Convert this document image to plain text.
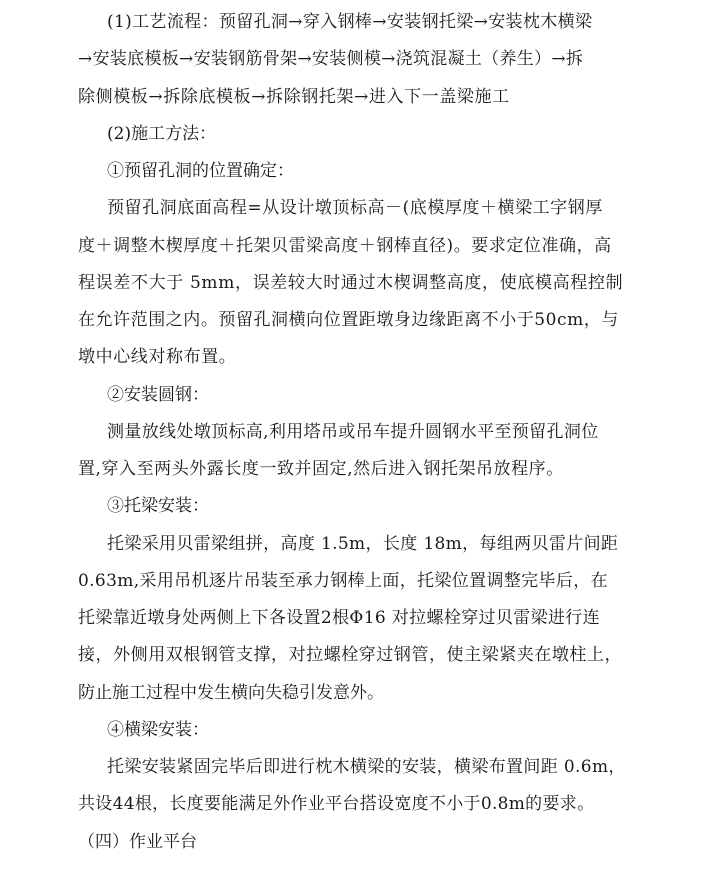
(1)工艺流程：预留孔洞→穿入钢棒→安装钢托梁→安装枕木横梁
→安装底模板→安装钢筋骨架→安装侧模→浇筑混凝土（养生）→拆
除侧模板→拆除底模板→拆除钢托架→进入下一盖梁施工
(2)施工方法：
①预留孔洞的位置确定：
预留孔洞底面高程=从设计墩顶标高－(底模厚度＋横梁工字钢厚
度＋调整木楔厚度＋托架贝雷梁高度＋钢棒直径)。要求定位准确，高
程误差不大于 5mm，误差较大时通过木楔调整高度，使底模高程控制
在允许范围之内。预留孔洞横向位置距墩身边缘距离不小于50cm，与
墩中心线对称布置。
②安装圆钢：
测量放线处墩顶标高,利用塔吊或吊车提升圆钢水平至预留孔洞位
置,穿入至两头外露长度一致并固定,然后进入钢托架吊放程序。
③托梁安装：
托梁采用贝雷梁组拼，高度 1.5m，长度 18m，每组两贝雷片间距
0.63m,采用吊机逐片吊装至承力钢棒上面，托梁位置调整完毕后，在
托梁靠近墩身处两侧上下各设置2根Φ16 对拉螺栓穿过贝雷梁进行连
接，外侧用双根钢管支撑，对拉螺栓穿过钢管，使主梁紧夹在墩柱上，
防止施工过程中发生横向失稳引发意外。
④横梁安装：
托梁安装紧固完毕后即进行枕木横梁的安装，横梁布置间距 0.6m，
共设44根，长度要能满足外作业平台搭设宽度不小于0.8m的要求。
（四）作业平台
